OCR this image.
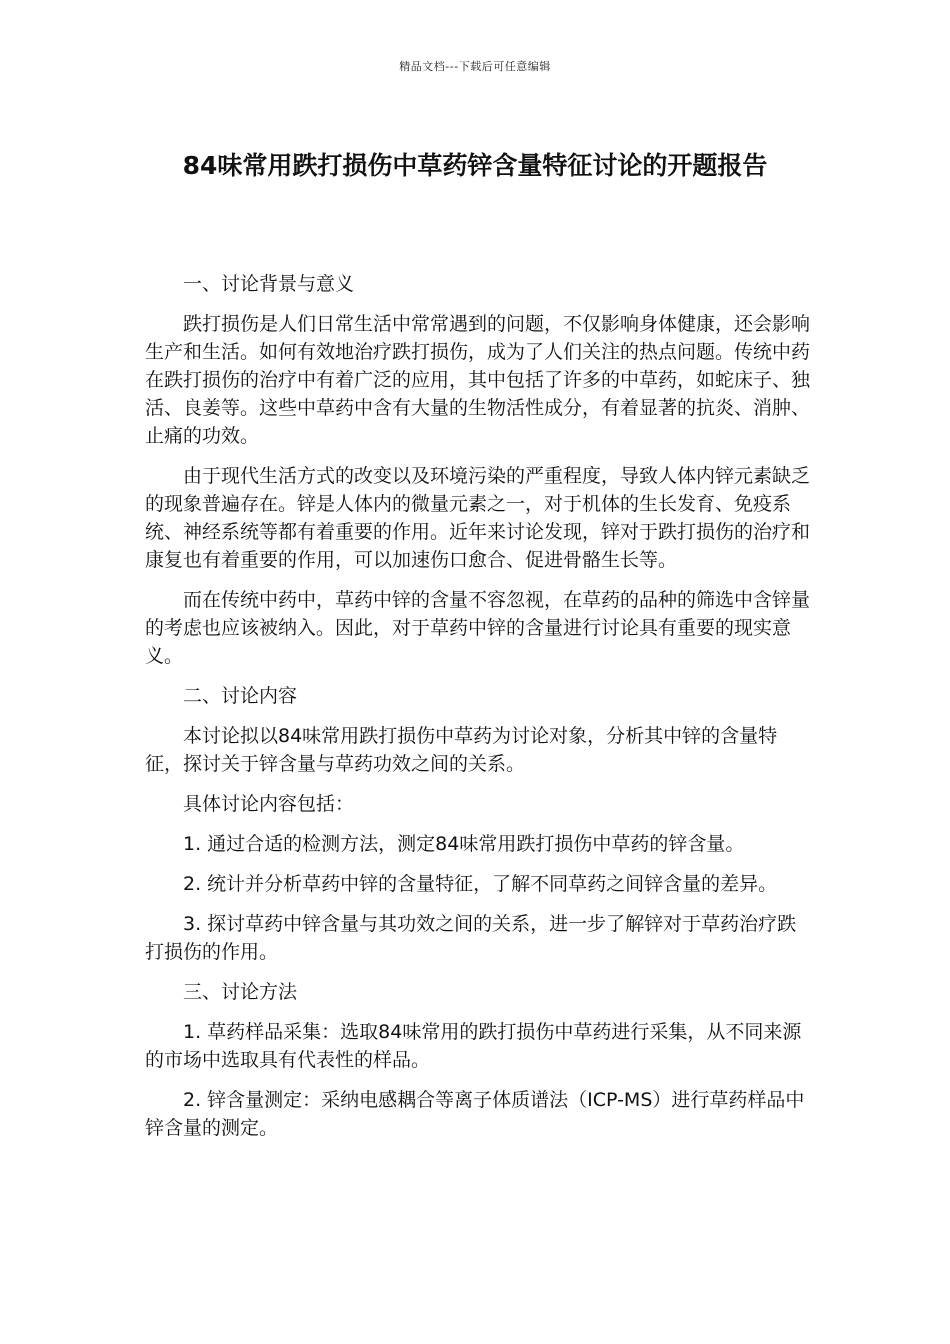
精品文档---下载后可任意编辑
84味常用跌打损伤中草药锌含量特征讨论的开题报告

一、讨论背景与意义

跌打损伤是人们日常生活中常常遇到的问题，不仅影响身体健康，还会影响生产和生活。如何有效地治疗跌打损伤，成为了人们关注的热点问题。传统中药在跌打损伤的治疗中有着广泛的应用，其中包括了许多的中草药，如蛇床子、独活、良姜等。这些中草药中含有大量的生物活性成分，有着显著的抗炎、消肿、止痛的功效。

由于现代生活方式的改变以及环境污染的严重程度，导致人体内锌元素缺乏的现象普遍存在。锌是人体内的微量元素之一，对于机体的生长发育、免疫系统、神经系统等都有着重要的作用。近年来讨论发现，锌对于跌打损伤的治疗和康复也有着重要的作用，可以加速伤口愈合、促进骨骼生长等。

而在传统中药中，草药中锌的含量不容忽视，在草药的品种的筛选中含锌量的考虑也应该被纳入。因此，对于草药中锌的含量进行讨论具有重要的现实意义。

二、讨论内容

本讨论拟以84味常用跌打损伤中草药为讨论对象，分析其中锌的含量特征，探讨关于锌含量与草药功效之间的关系。

具体讨论内容包括：

1. 通过合适的检测方法，测定84味常用跌打损伤中草药的锌含量。

2. 统计并分析草药中锌的含量特征，了解不同草药之间锌含量的差异。

3. 探讨草药中锌含量与其功效之间的关系，进一步了解锌对于草药治疗跌打损伤的作用。

三、讨论方法

1. 草药样品采集：选取84味常用的跌打损伤中草药进行采集，从不同来源的市场中选取具有代表性的样品。

2. 锌含量测定：采纳电感耦合等离子体质谱法（ICP-MS）进行草药样品中锌含量的测定。
